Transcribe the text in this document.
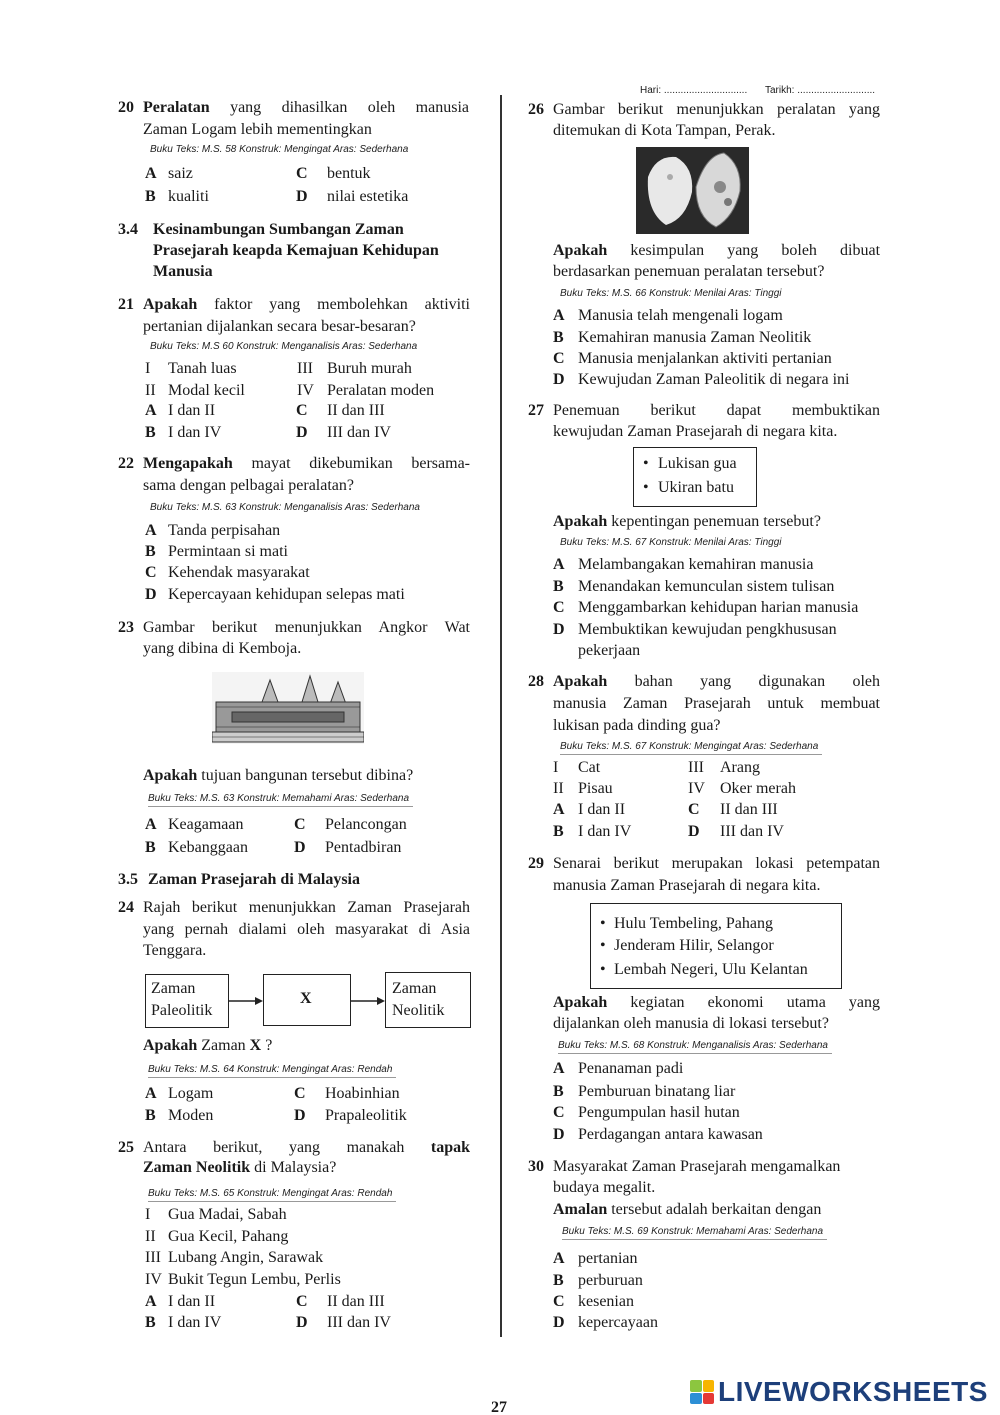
LIVEWORKSHEETS
Hari: .............................. Tarikh: ............................
20 Peralatan yang dihasilkan oleh manusia
Zaman Logam lebih mementingkan
Buku Teks: M.S. 58 Konstruk: Mengingat Aras: Sederhana
A saiz	C bentuk
B kualiti	D nilai estetika
3.4 Kesinambungan Sumbangan Zaman
Prasejarah keapda Kemajuan Kehidupan
Manusia
21 Apakah faktor yang membolehkan aktiviti
pertanian dijalankan secara besar-besaran?
Buku Teks: M.S 60 Konstruk: Menganalisis Aras: Sederhana
I Tanah luas	III Buruh murah
II Modal kecil	IV Peralatan moden
A I dan II	C II dan III
B I dan IV	D III dan IV
22 Mengapakah mayat dikebumikan bersama-
sama dengan pelbagai peralatan?
Buku Teks: M.S. 63 Konstruk: Menganalisis Aras: Sederhana
A Tanda perpisahan
B Permintaan si mati
C Kehendak masyarakat
D Kepercayaan kehidupan selepas mati
23 Gambar berikut menunjukkan Angkor Wat
yang dibina di Kemboja.
Apakah tujuan bangunan tersebut dibina?
Buku Teks: M.S. 63 Konstruk: Memahami Aras: Sederhana
A Keagamaan	C Pelancongan
B Kebanggaan	D Pentadbiran
3.5 Zaman Prasejarah di Malaysia
24 Rajah berikut menunjukkan Zaman Prasejarah
yang pernah dialami oleh masyarakat di Asia
Tenggara.
Zaman
Paleolitik
X
Zaman
Neolitik
Apakah Zaman X ?
Buku Teks: M.S. 64 Konstruk: Mengingat Aras: Rendah
A Logam	C Hoabinhian
B Moden	D Prapaleolitik
25 Antara berikut, yang manakah tapak
Zaman Neolitik di Malaysia?
Buku Teks: M.S. 65 Konstruk: Mengingat Aras: Rendah
I Gua Madai, Sabah
II Gua Kecil, Pahang
III Lubang Angin, Sarawak
IV Bukit Tegun Lembu, Perlis
A I dan II	C II dan III
B I dan IV	D III dan IV
26 Gambar berikut menunjukkan peralatan yang
ditemukan di Kota Tampan, Perak.
Apakah kesimpulan yang boleh dibuat
berdasarkan penemuan peralatan tersebut?
Buku Teks: M.S. 66 Konstruk: Menilai Aras: Tinggi
A Manusia telah mengenali logam
B Kemahiran manusia Zaman Neolitik
C Manusia menjalankan aktiviti pertanian
D Kewujudan Zaman Paleolitik di negara ini
27 Penemuan berikut dapat membuktikan
kewujudan Zaman Prasejarah di negara kita.
Lukisan gua
•
Ukiran batu
•
Apakah kepentingan penemuan tersebut?
Buku Teks: M.S. 67 Konstruk: Menilai Aras: Tinggi
A Melambangakan kemahiran manusia
B Menandakan kemunculan sistem tulisan
C Menggambarkan kehidupan harian manusia
D Membuktikan kewujudan pengkhususan
pekerjaan
28 Apakah bahan yang digunakan oleh
manusia Zaman Prasejarah untuk membuat
lukisan pada dinding gua?
Buku Teks: M.S. 67 Konstruk: Mengingat Aras: Sederhana
I Cat	III Arang
II Pisau	IV Oker merah
A I dan II	C II dan III
B I dan IV	D III dan IV
29 Senarai berikut merupakan lokasi petempatan
manusia Zaman Prasejarah di negara kita.
• Hulu Tembeling, Pahang
• Jenderam Hilir, Selangor
• Lembah Negeri, Ulu Kelantan
Apakah kegiatan ekonomi utama yang
dijalankan oleh manusia di lokasi tersebut?
Buku Teks: M.S. 68 Konstruk: Menganalisis Aras: Sederhana
A Penanaman padi
B Pemburuan binatang liar
C Pengumpulan hasil hutan
D Perdagangan antara kawasan
30 Masyarakat Zaman Prasejarah mengamalkan
budaya megalit.
Amalan tersebut adalah berkaitan dengan
Buku Teks: M.S. 69 Konstruk: Memahami Aras: Sederhana
A pertanian
B perburuan
C kesenian
D kepercayaan
27
